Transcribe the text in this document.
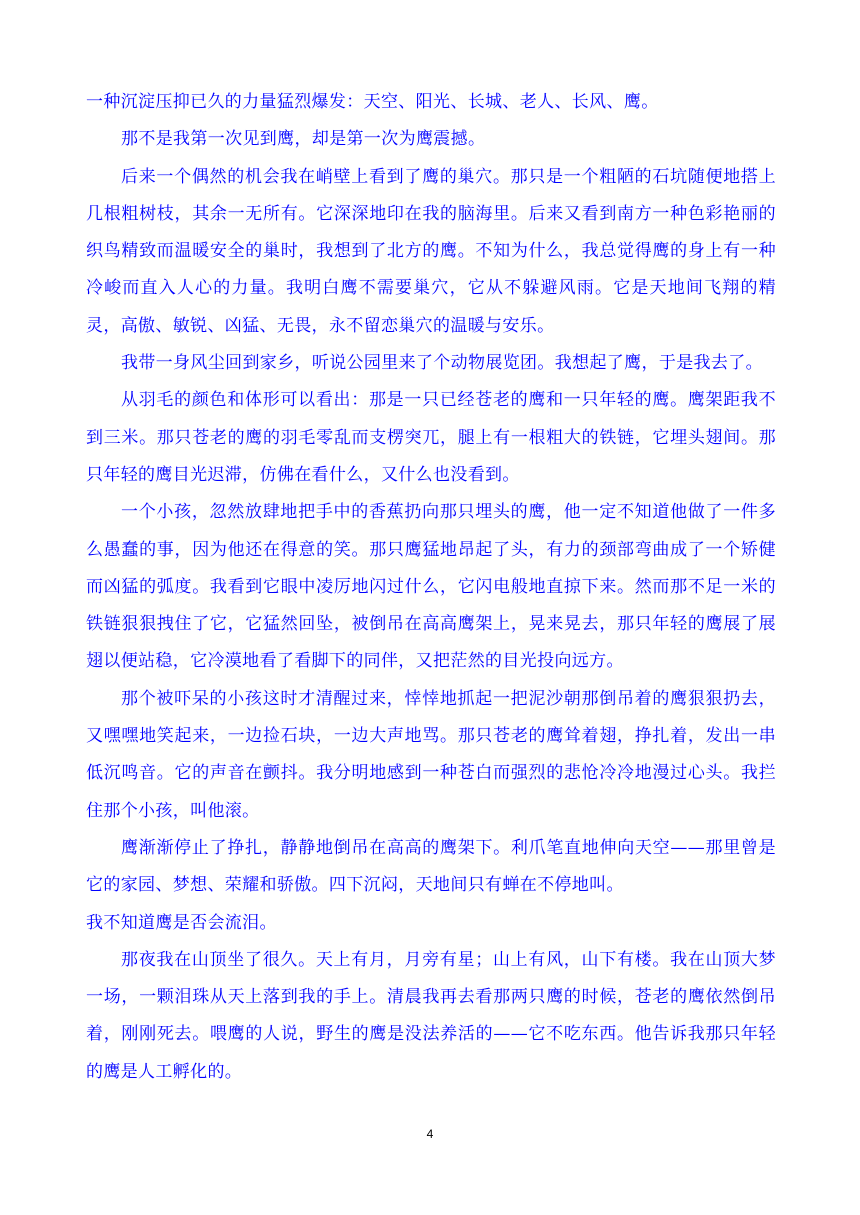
一种沉淀压抑已久的力量猛烈爆发：天空、阳光、长城、老人、长风、鹰。

那不是我第一次见到鹰，却是第一次为鹰震撼。

后来一个偶然的机会我在峭壁上看到了鹰的巢穴。那只是一个粗陋的石坑随便地搭上几根粗树枝，其余一无所有。它深深地印在我的脑海里。后来又看到南方一种色彩艳丽的织鸟精致而温暖安全的巢时，我想到了北方的鹰。不知为什么，我总觉得鹰的身上有一种冷峻而直入人心的力量。我明白鹰不需要巢穴，它从不躲避风雨。它是天地间飞翔的精灵，高傲、敏锐、凶猛、无畏，永不留恋巢穴的温暖与安乐。

我带一身风尘回到家乡，听说公园里来了个动物展览团。我想起了鹰，于是我去了。

从羽毛的颜色和体形可以看出：那是一只已经苍老的鹰和一只年轻的鹰。鹰架距我不到三米。那只苍老的鹰的羽毛零乱而支楞突兀，腿上有一根粗大的铁链，它埋头翅间。那只年轻的鹰目光迟滞，仿佛在看什么，又什么也没看到。

一个小孩，忽然放肆地把手中的香蕉扔向那只埋头的鹰，他一定不知道他做了一件多么愚蠢的事，因为他还在得意的笑。那只鹰猛地昂起了头，有力的颈部弯曲成了一个矫健而凶猛的弧度。我看到它眼中凌厉地闪过什么，它闪电般地直掠下来。然而那不足一米的铁链狠狠拽住了它，它猛然回坠，被倒吊在高高鹰架上，晃来晃去，那只年轻的鹰展了展翅以便站稳，它冷漠地看了看脚下的同伴，又把茫然的目光投向远方。

那个被吓呆的小孩这时才清醒过来，悻悻地抓起一把泥沙朝那倒吊着的鹰狠狠扔去，又嘿嘿地笑起来，一边捡石块，一边大声地骂。那只苍老的鹰耸着翅，挣扎着，发出一串低沉鸣音。它的声音在颤抖。我分明地感到一种苍白而强烈的悲怆冷冷地漫过心头。我拦住那个小孩，叫他滚。

鹰渐渐停止了挣扎，静静地倒吊在高高的鹰架下。利爪笔直地伸向天空——那里曾是它的家园、梦想、荣耀和骄傲。四下沉闷，天地间只有蝉在不停地叫。

我不知道鹰是否会流泪。

那夜我在山顶坐了很久。天上有月，月旁有星；山上有风，山下有楼。我在山顶大梦一场，一颗泪珠从天上落到我的手上。清晨我再去看那两只鹰的时候，苍老的鹰依然倒吊着，刚刚死去。喂鹰的人说，野生的鹰是没法养活的——它不吃东西。他告诉我那只年轻的鹰是人工孵化的。

4
